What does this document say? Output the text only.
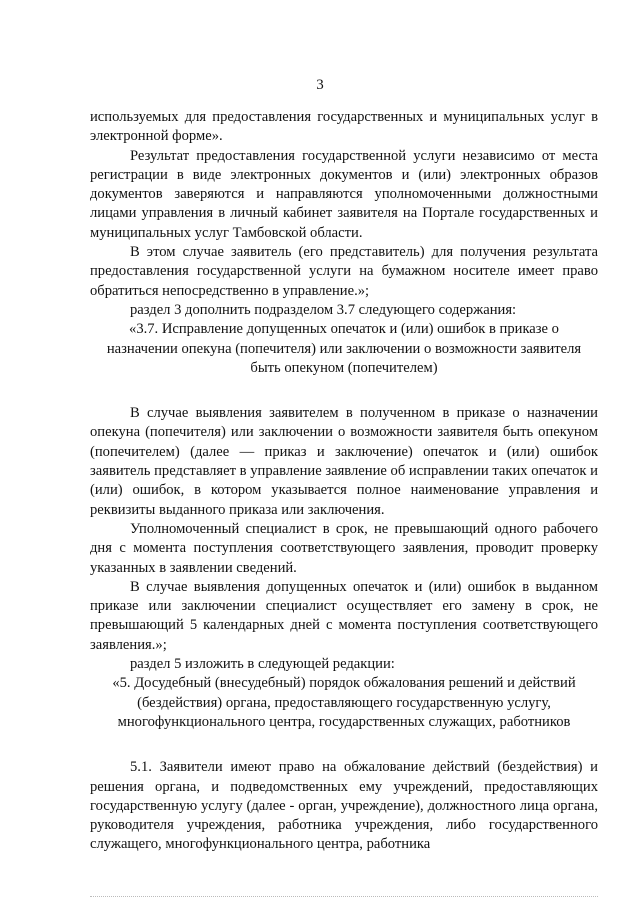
3

используемых для предоставления государственных и муниципальных услуг в электронной форме».

Результат предоставления государственной услуги независимо от места регистрации в виде электронных документов и (или) электронных образов документов заверяются и направляются уполномоченными должностными лицами управления в личный кабинет заявителя на Портале государственных и муниципальных услуг Тамбовской области.

В этом случае заявитель (его представитель) для получения результата предоставления государственной услуги на бумажном носителе имеет право обратиться непосредственно в управление.»;

раздел 3 дополнить подразделом 3.7 следующего содержания:

«3.7. Исправление допущенных опечаток и (или) ошибок в приказе о назначении опекуна (попечителя) или заключении о возможности заявителя быть опекуном (попечителем)

В случае выявления заявителем в полученном в приказе о назначении опекуна (попечителя) или заключении о возможности заявителя быть опекуном (попечителем) (далее — приказ и заключение) опечаток и (или) ошибок заявитель представляет в управление заявление об исправлении таких опечаток и (или) ошибок, в котором указывается полное наименование управления и реквизиты выданного приказа или заключения.

Уполномоченный специалист в срок, не превышающий одного рабочего дня с момента поступления соответствующего заявления, проводит проверку указанных в заявлении сведений.

В случае выявления допущенных опечаток и (или) ошибок в выданном приказе или заключении специалист осуществляет его замену в срок, не превышающий 5 календарных дней с момента поступления соответствующего заявления.»;

раздел 5 изложить в следующей редакции:

«5. Досудебный (внесудебный) порядок обжалования решений и действий (бездействия) органа, предоставляющего государственную услугу, многофункционального центра, государственных служащих, работников

5.1. Заявители имеют право на обжалование действий (бездействия) и решения органа, и подведомственных ему учреждений, предоставляющих государственную услугу (далее - орган, учреждение), должностного лица органа, руководителя учреждения, работника учреждения, либо государственного служащего, многофункционального центра, работника
